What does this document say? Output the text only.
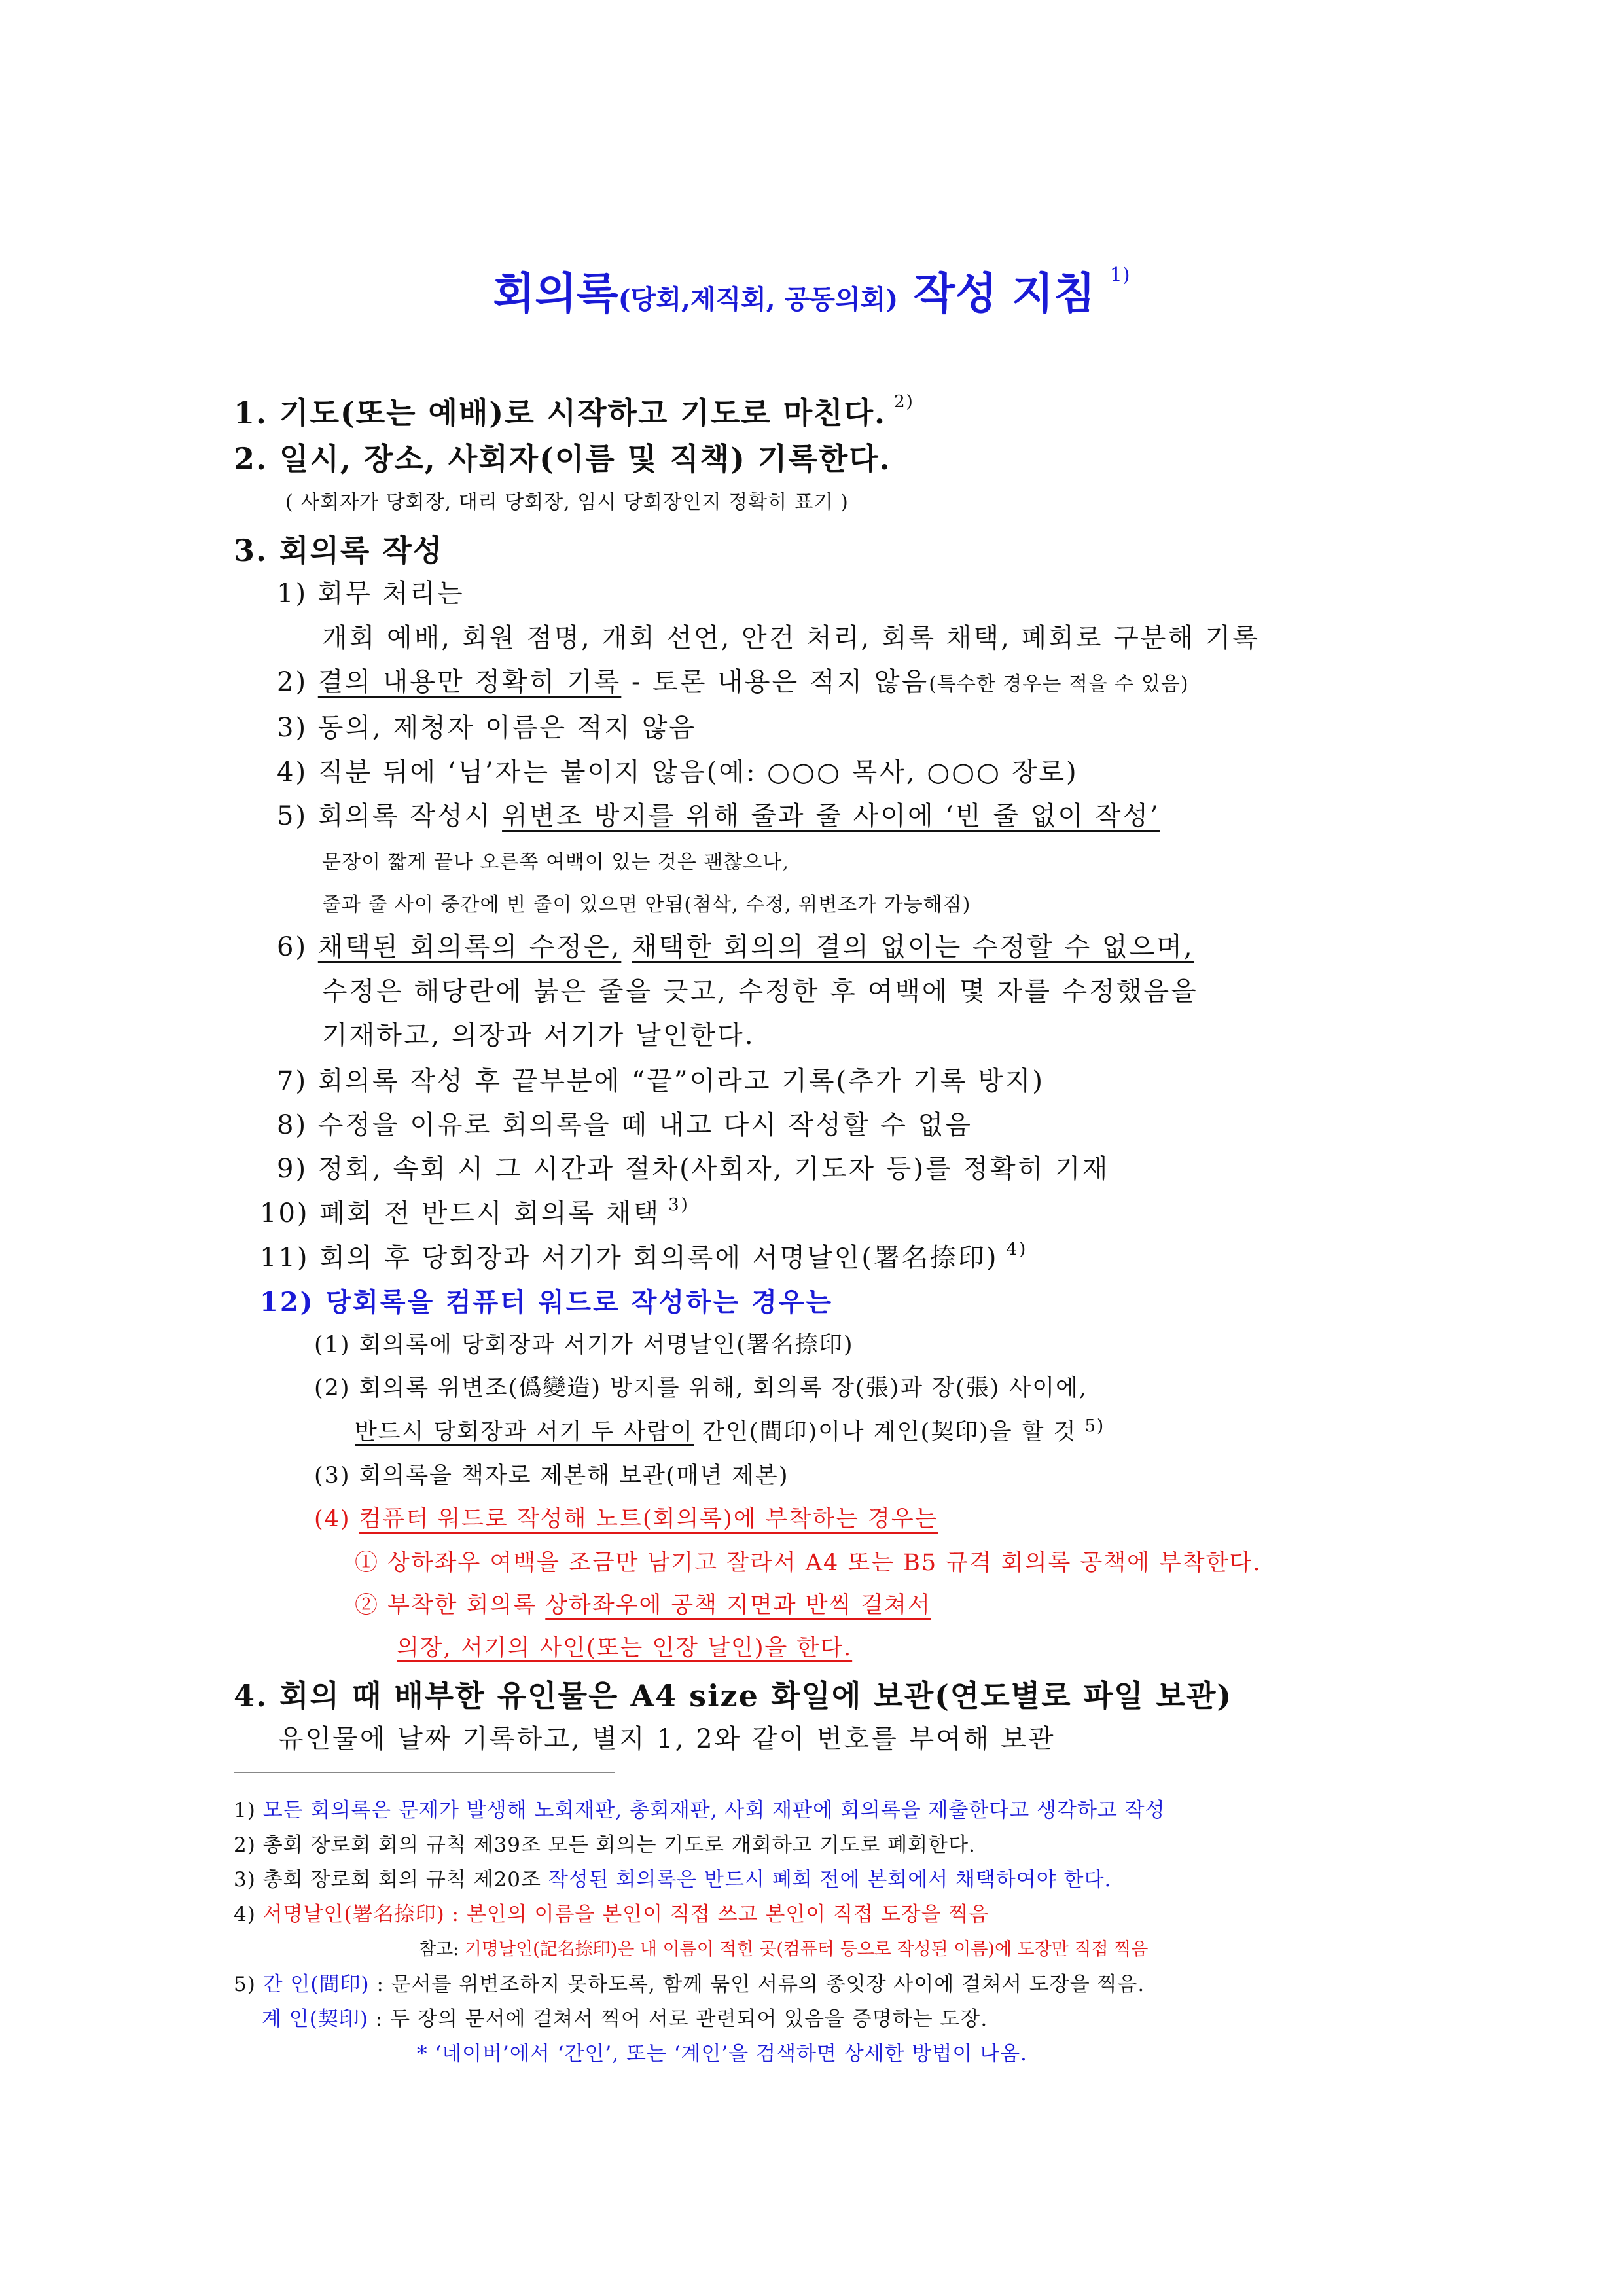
회의록(당회,제직회, 공동의회) 작성 지침 1)
1. 기도(또는 예배)로 시작하고 기도로 마친다. $^{2)}$
2. 일시, 장소, 사회자(이름 및 직책) 기록한다.
( 사회자가 당회장, 대리 당회장, 임시 당회장인지 정확히 표기 )
3. 회의록 작성
1) 회무 처리는
개회 예배, 회원 점명, 개회 선언, 안건 처리, 회록 채택, 폐회로 구분해 기록
2) 결의 내용만 정확히 기록 - 토론 내용은 적지 않음(특수한 경우는 적을 수 있음)
3) 동의, 제청자 이름은 적지 않음
4) 직분 뒤에 ‘님’자는 붙이지 않음(예: ○○○ 목사, ○○○ 장로)
5) 회의록 작성시 위변조 방지를 위해 줄과 줄 사이에 ‘빈 줄 없이 작성’
문장이 짧게 끝나 오른쪽 여백이 있는 것은 괜찮으나,
줄과 줄 사이 중간에 빈 줄이 있으면 안됨(첨삭, 수정, 위변조가 가능해짐)
6) 채택된 회의록의 수정은, 채택한 회의의 결의 없이는 수정할 수 없으며,
수정은 해당란에 붉은 줄을 긋고, 수정한 후 여백에 몇 자를 수정했음을
기재하고, 의장과 서기가 날인한다.
7) 회의록 작성 후 끝부분에 “끝”이라고 기록(추가 기록 방지)
8) 수정을 이유로 회의록을 떼 내고 다시 작성할 수 없음
9) 정회, 속회 시 그 시간과 절차(사회자, 기도자 등)를 정확히 기재
10) 폐회 전 반드시 회의록 채택 $^{3)}$
11) 회의 후 당회장과 서기가 회의록에 서명날인(署名捺印) $^{4)}$
12) 당회록을 컴퓨터 워드로 작성하는 경우는
(1) 회의록에 당회장과 서기가 서명날인(署名捺印)
(2) 회의록 위변조(僞變造) 방지를 위해, 회의록 장(張)과 장(張) 사이에,
반드시 당회장과 서기 두 사람이 간인(間印)이나 계인(契印)을 할 것 $^{5)}$
(3) 회의록을 책자로 제본해 보관(매년 제본)
(4) 컴퓨터 워드로 작성해 노트(회의록)에 부착하는 경우는
① 상하좌우 여백을 조금만 남기고 잘라서 A4 또는 B5 규격 회의록 공책에 부착한다.
② 부착한 회의록 상하좌우에 공책 지면과 반씩 걸쳐서
의장, 서기의 사인(또는 인장 날인)을 한다.
4. 회의 때 배부한 유인물은 A4 size 화일에 보관(연도별로 파일 보관)
유인물에 날짜 기록하고, 별지 1, 2와 같이 번호를 부여해 보관
1) 모든 회의록은 문제가 발생해 노회재판, 총회재판, 사회 재판에 회의록을 제출한다고 생각하고 작성
2) 총회 장로회 회의 규칙 제39조 모든 회의는 기도로 개회하고 기도로 폐회한다.
3) 총회 장로회 회의 규칙 제20조 작성된 회의록은 반드시 폐회 전에 본회에서 채택하여야 한다.
4) 서명날인(署名捺印) : 본인의 이름을 본인이 직접 쓰고 본인이 직접 도장을 찍음
참고: 기명날인(記名捺印)은 내 이름이 적힌 곳(컴퓨터 등으로 작성된 이름)에 도장만 직접 찍음
5) 간 인(間印) : 문서를 위변조하지 못하도록, 함께 묶인 서류의 종잇장 사이에 걸쳐서 도장을 찍음.
계 인(契印) : 두 장의 문서에 걸쳐서 찍어 서로 관련되어 있음을 증명하는 도장.
* ‘네이버’에서 ‘간인’, 또는 ‘계인’을 검색하면 상세한 방법이 나옴.
